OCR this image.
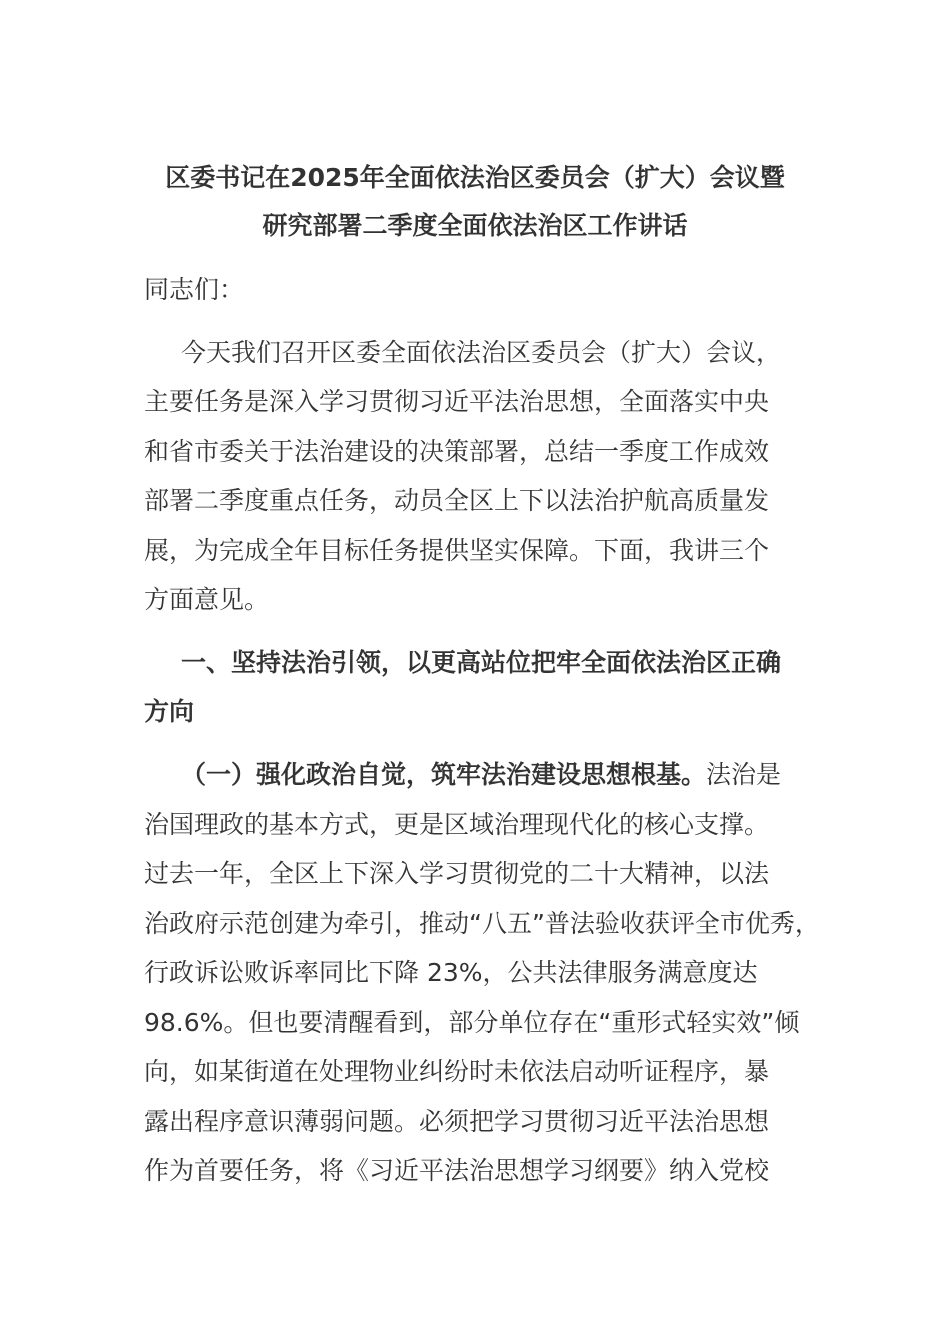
区委书记在2025年全面依法治区委员会（扩大）会议暨
研究部署二季度全面依法治区工作讲话
同志们：
今天我们召开区委全面依法治区委员会（扩大）会议，
主要任务是深入学习贯彻习近平法治思想，全面落实中央
和省市委关于法治建设的决策部署，总结一季度工作成效
部署二季度重点任务，动员全区上下以法治护航高质量发
展，为完成全年目标任务提供坚实保障。下面，我讲三个
方面意见。
一、坚持法治引领，以更高站位把牢全面依法治区正确
方向
（一）强化政治自觉，筑牢法治建设思想根基。法治是
治国理政的基本方式，更是区域治理现代化的核心支撑。
过去一年，全区上下深入学习贯彻党的二十大精神，以法
治政府示范创建为牵引，推动“八五”普法验收获评全市优秀，
行政诉讼败诉率同比下降 23%，公共法律服务满意度达
98.6%。但也要清醒看到，部分单位存在“重形式轻实效”倾
向，如某街道在处理物业纠纷时未依法启动听证程序，暴
露出程序意识薄弱问题。必须把学习贯彻习近平法治思想
作为首要任务，将《习近平法治思想学习纲要》纳入党校
